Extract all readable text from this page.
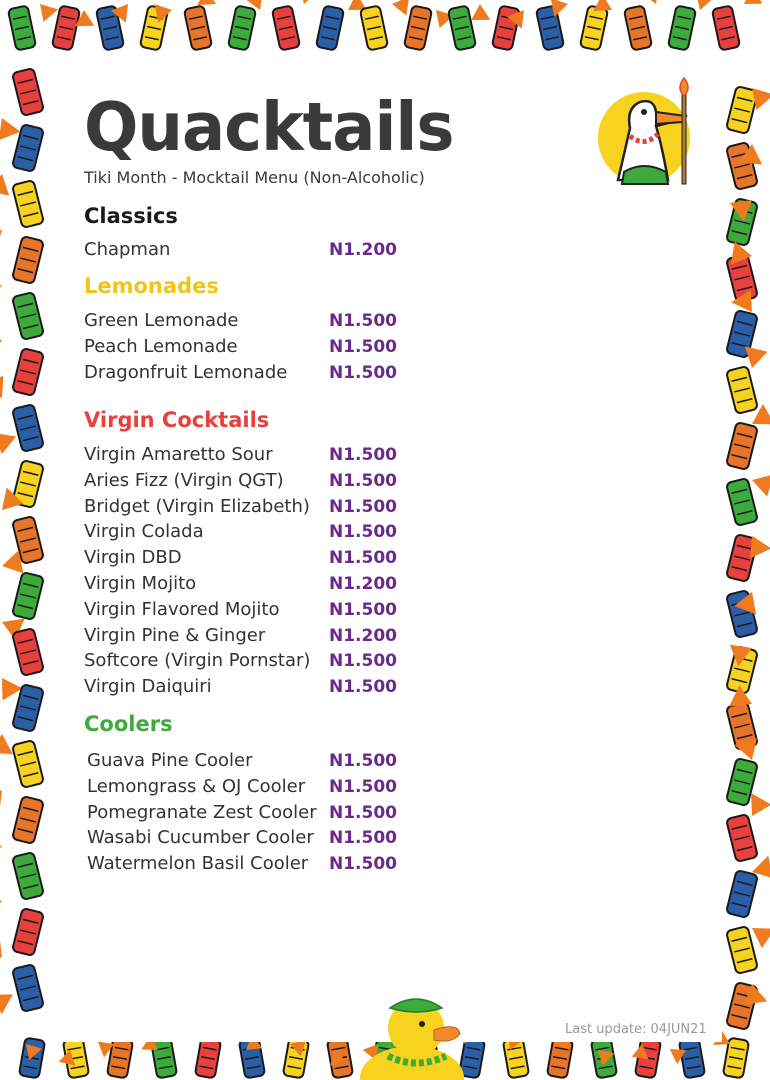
Quacktails
Tiki Month - Mocktail Menu (Non-Alcoholic)
Classics
Chapman	N1.200
Lemonades
Green Lemonade	N1.500
Peach Lemonade	N1.500
Dragonfruit Lemonade N1.500
Virgin Cocktails
Virgin Amaretto Sour	N1.500
Aries Fizz (Virgin QGT)	N1.500
Bridget (Virgin Elizabeth) N1.500
Virgin Colada	N1.500
Virgin DBD	N1.500
Virgin Mojito	N1.200
Virgin Flavored Mojito	N1.500
Virgin Pine & Ginger	N1.200
Softcore (Virgin Pornstar) N1.500
Virgin Daiquiri	N1.500
Coolers
Guava Pine Cooler	N1.500
Lemongrass & OJ Cooler N1.500
Pomegranate Zest Cooler N1.500
Wasabi Cucumber Cooler N1.500
Watermelon Basil Cooler N1.500
Last update: 04JUN21
